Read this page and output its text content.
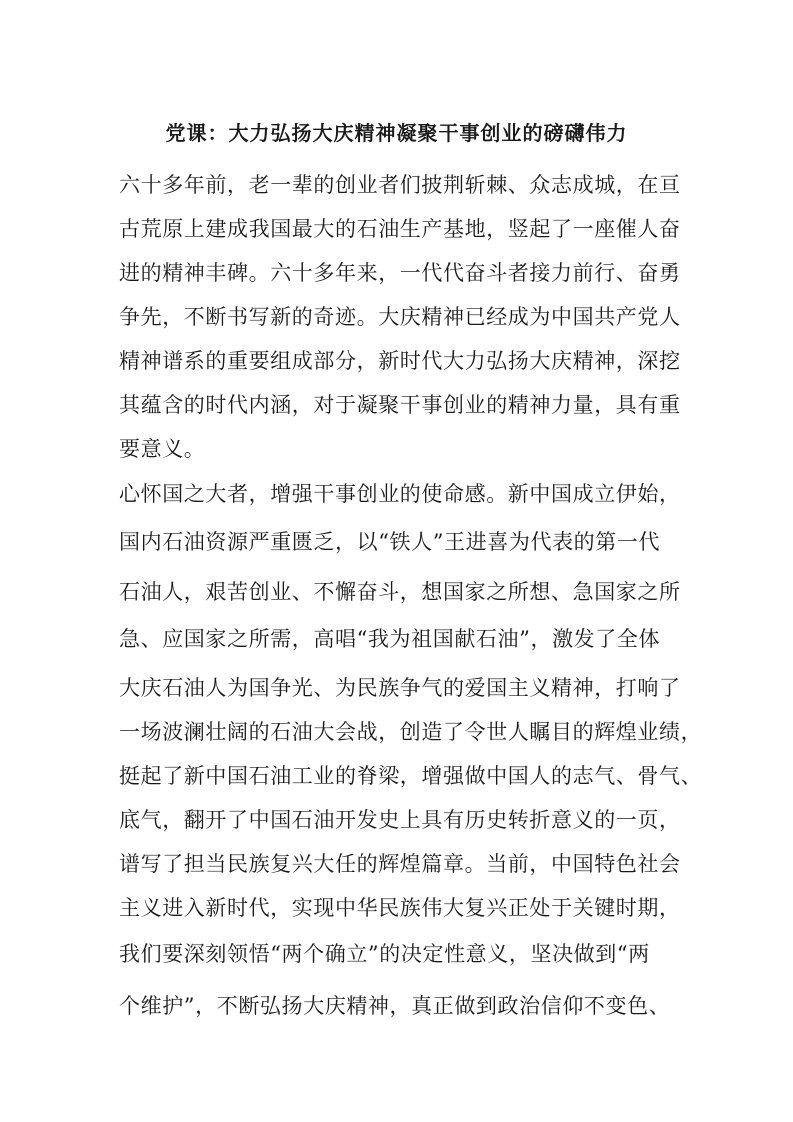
党课：大力弘扬大庆精神凝聚干事创业的磅礴伟力

六十多年前，老一辈的创业者们披荆斩棘、众志成城，在亘

古荒原上建成我国最大的石油生产基地，竖起了一座催人奋

进的精神丰碑。六十多年来，一代代奋斗者接力前行、奋勇

争先，不断书写新的奇迹。大庆精神已经成为中国共产党人

精神谱系的重要组成部分，新时代大力弘扬大庆精神，深挖

其蕴含的时代内涵，对于凝聚干事创业的精神力量，具有重

要意义。

心怀国之大者，增强干事创业的使命感。新中国成立伊始，

国内石油资源严重匮乏，以“铁人”王进喜为代表的第一代

石油人，艰苦创业、不懈奋斗，想国家之所想、急国家之所

急、应国家之所需，高唱“我为祖国献石油”，激发了全体

大庆石油人为国争光、为民族争气的爱国主义精神，打响了

一场波澜壮阔的石油大会战，创造了令世人瞩目的辉煌业绩，

挺起了新中国石油工业的脊梁，增强做中国人的志气、骨气、

底气，翻开了中国石油开发史上具有历史转折意义的一页，

谱写了担当民族复兴大任的辉煌篇章。当前，中国特色社会

主义进入新时代，实现中华民族伟大复兴正处于关键时期，

我们要深刻领悟“两个确立”的决定性意义，坚决做到“两

个维护”，不断弘扬大庆精神，真正做到政治信仰不变色、
